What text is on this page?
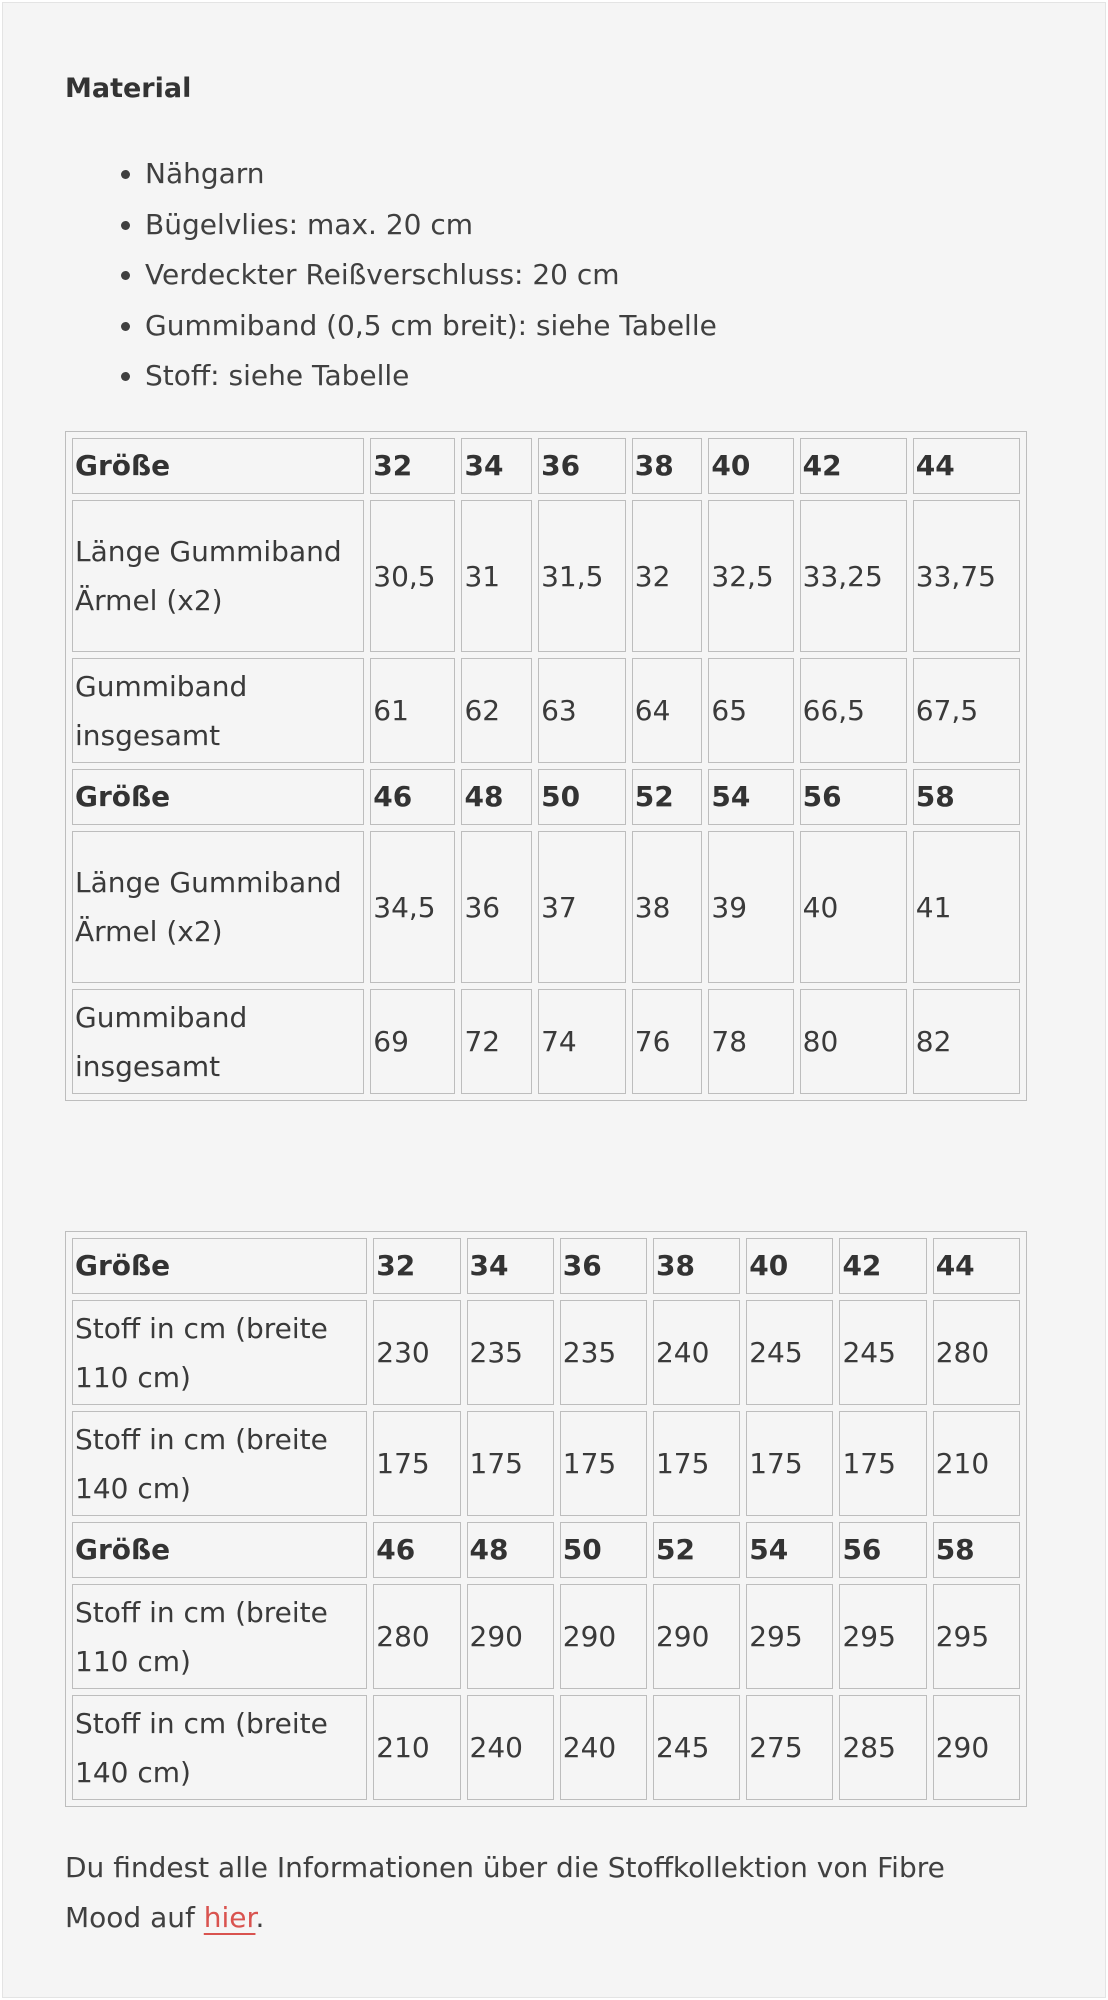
Material
• Nähgarn
• Bügelvlies: max. 20 cm
• Verdeckter Reißverschluss: 20 cm
• Gummiband (0,5 cm breit): siehe Tabelle
• Stoff: siehe Tabelle
Größe	32	34	36	38	40	42	44
Länge Gummiband Ärmel (x2)	30,5	31	31,5	32	32,5	33,25	33,75
Gummiband insgesamt	61	62	63	64	65	66,5	67,5
Größe	46	48	50	52	54	56	58
Länge Gummiband Ärmel (x2)	34,5	36	37	38	39	40	41
Gummiband insgesamt	69	72	74	76	78	80	82
Größe	32	34	36	38	40	42	44
Stoff in cm (breite 110 cm)	230	235	235	240	245	245	280
Stoff in cm (breite 140 cm)	175	175	175	175	175	175	210
Größe	46	48	50	52	54	56	58
Stoff in cm (breite 110 cm)	280	290	290	290	295	295	295
Stoff in cm (breite 140 cm)	210	240	240	245	275	285	290

Du findest alle Informationen über die Stoffkollektion von Fibre Mood auf hier.
